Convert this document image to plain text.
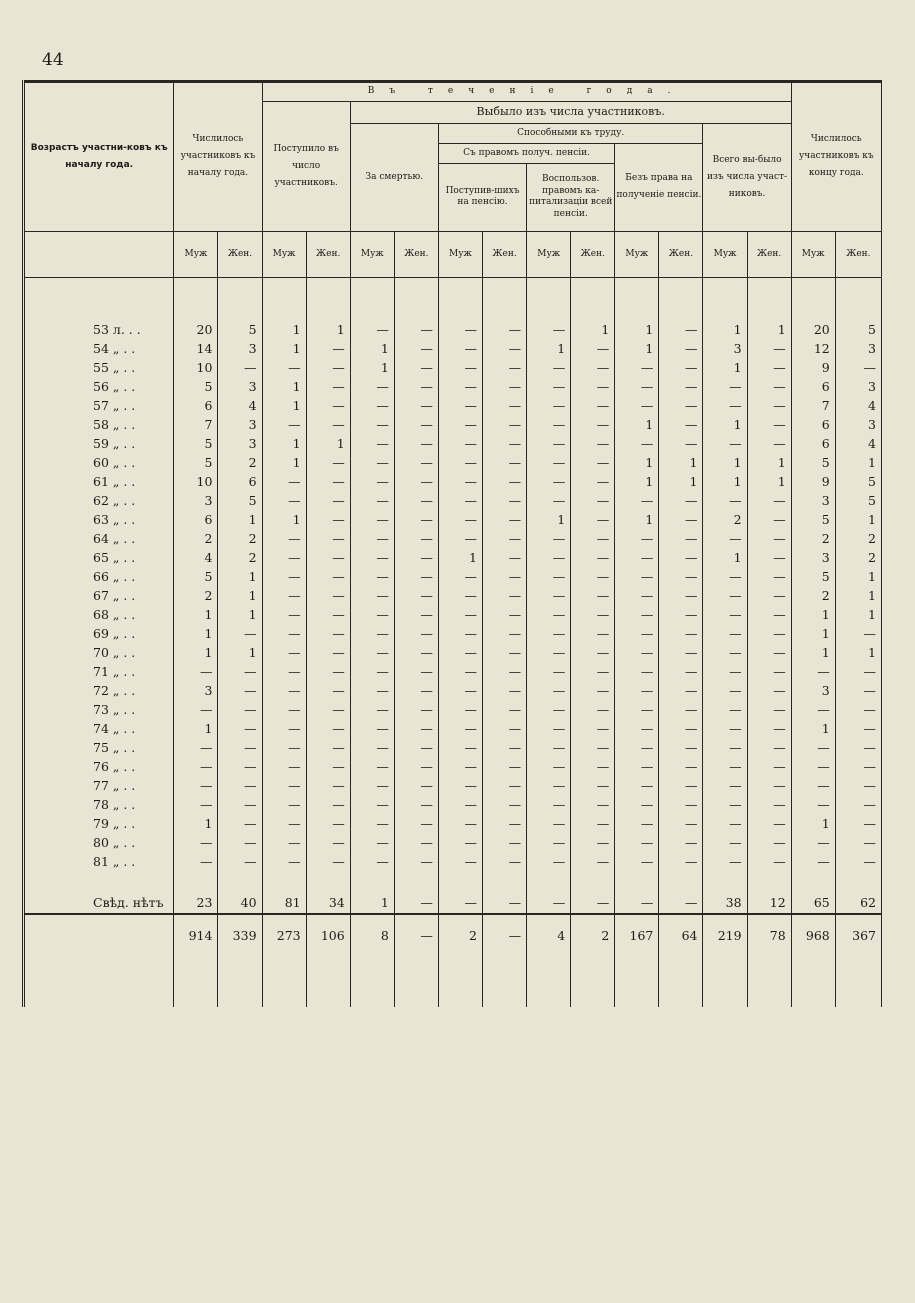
44
Возрастъ участни-ковъ къ началу года.	Числилось участниковъ къ началу года.		Въ теченіе года.												Числилось участниковъ къ концу года.	
			Поступило въ число участниковъ.		Выбыло изъ числа участниковъ.											
					За смертью.		Способными къ труду.						Всего вы-было изъ числа участ-никовъ.			
							Съ правомъ получ. пенсіи.				Безъ права на полученіе пенсіи.					
							Поступив-шихъ на пенсію.		Воспользов. правомъ ка-питализаціи всей пенсіи.							
	Муж	Жен.	Муж	Жен.	Муж	Жен.	Муж	Жен.	Муж	Жен.	Муж	Жен.	Муж	Жен.	Муж	Жен.

53 л. . .	20	5	1	1	—	—	—	—	—	1	1	—	1	1	20	5
54 „ . .	14	3	1	—	1	—	—	—	1	—	1	—	3	—	12	3
55 „ . .	10	—	—	—	1	—	—	—	—	—	—	—	1	—	9	—
56 „ . .	5	3	1	—	—	—	—	—	—	—	—	—	—	—	6	3
57 „ . .	6	4	1	—	—	—	—	—	—	—	—	—	—	—	7	4
58 „ . .	7	3	—	—	—	—	—	—	—	—	1	—	1	—	6	3
59 „ . .	5	3	1	1	—	—	—	—	—	—	—	—	—	—	6	4
60 „ . .	5	2	1	—	—	—	—	—	—	—	1	1	1	1	5	1
61 „ . .	10	6	—	—	—	—	—	—	—	—	1	1	1	1	9	5
62 „ . .	3	5	—	—	—	—	—	—	—	—	—	—	—	—	3	5
63 „ . .	6	1	1	—	—	—	—	—	1	—	1	—	2	—	5	1
64 „ . .	2	2	—	—	—	—	—	—	—	—	—	—	—	—	2	2
65 „ . .	4	2	—	—	—	—	1	—	—	—	—	—	1	—	3	2
66 „ . .	5	1	—	—	—	—	—	—	—	—	—	—	—	—	5	1
67 „ . .	2	1	—	—	—	—	—	—	—	—	—	—	—	—	2	1
68 „ . .	1	1	—	—	—	—	—	—	—	—	—	—	—	—	1	1
69 „ . .	1	—	—	—	—	—	—	—	—	—	—	—	—	—	1	—
70 „ . .	1	1	—	—	—	—	—	—	—	—	—	—	—	—	1	1
71 „ . .	—	—	—	—	—	—	—	—	—	—	—	—	—	—	—	—
72 „ . .	3	—	—	—	—	—	—	—	—	—	—	—	—	—	3	—
73 „ . .	—	—	—	—	—	—	—	—	—	—	—	—	—	—	—	—
74 „ . .	1	—	—	—	—	—	—	—	—	—	—	—	—	—	1	—
75 „ . .	—	—	—	—	—	—	—	—	—	—	—	—	—	—	—	—
76 „ . .	—	—	—	—	—	—	—	—	—	—	—	—	—	—	—	—
77 „ . .	—	—	—	—	—	—	—	—	—	—	—	—	—	—	—	—
78 „ . .	—	—	—	—	—	—	—	—	—	—	—	—	—	—	—	—
79 „ . .	1	—	—	—	—	—	—	—	—	—	—	—	—	—	1	—
80 „ . .	—	—	—	—	—	—	—	—	—	—	—	—	—	—	—	—
81 „ . .	—	—	—	—	—	—	—	—	—	—	—	—	—	—	—	—

Свѣд. нѣтъ	23	40	81	34	1	—	—	—	—	—	—	—	38	12	65	62
	914	339	273	106	8	—	2	—	4	2	167	64	219	78	968	367
